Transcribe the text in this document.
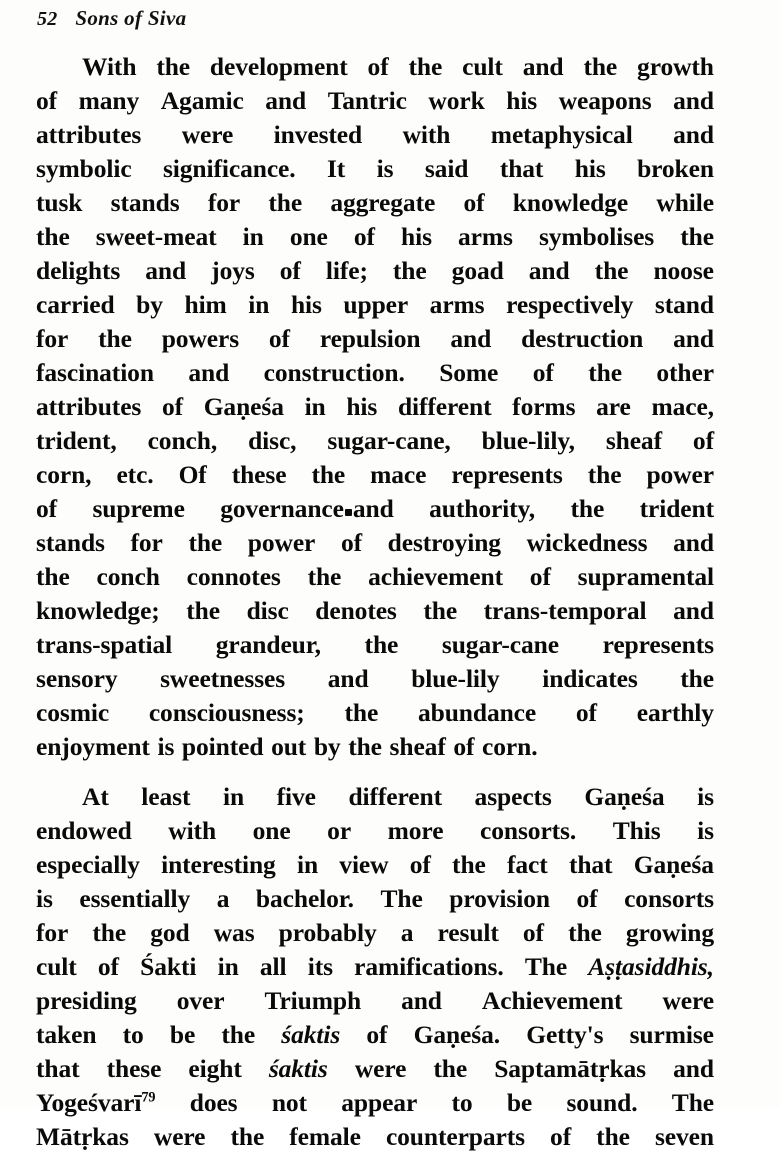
52 Sons of Siva
With the development of the cult and the growth
of many Agamic and Tantric work his weapons and
attributes were invested with metaphysical and
symbolic significance. It is said that his broken
tusk stands for the aggregate of knowledge while
the sweet-meat in one of his arms symbolises the
delights and joys of life; the goad and the noose
carried by him in his upper arms respectively stand
for the powers of repulsion and destruction and
fascination and construction. Some of the other
attributes of Gaṇeśa in his different forms are mace,
trident, conch, disc, sugar-cane, blue-lily, sheaf of
corn, etc. Of these the mace represents the power
of supreme governance and authority, the trident
stands for the power of destroying wickedness and
the conch connotes the achievement of supramental
knowledge; the disc denotes the trans-temporal and
trans-spatial grandeur, the sugar-cane represents
sensory sweetnesses and blue-lily indicates the
cosmic consciousness; the abundance of earthly
enjoyment is pointed out by the sheaf of corn.
At least in five different aspects Gaṇeśa is
endowed with one or more consorts. This is
especially interesting in view of the fact that Gaṇeśa
is essentially a bachelor. The provision of consorts
for the god was probably a result of the growing
cult of Śakti in all its ramifications. The Aṣṭasiddhis,
presiding over Triumph and Achievement were
taken to be the śaktis of Gaṇeśa. Getty's surmise
that these eight śaktis were the Saptamātṛkas and
Yogeśvarī$^{79}$ does not appear to be sound. The
Mātṛkas were the female counterparts of the seven
